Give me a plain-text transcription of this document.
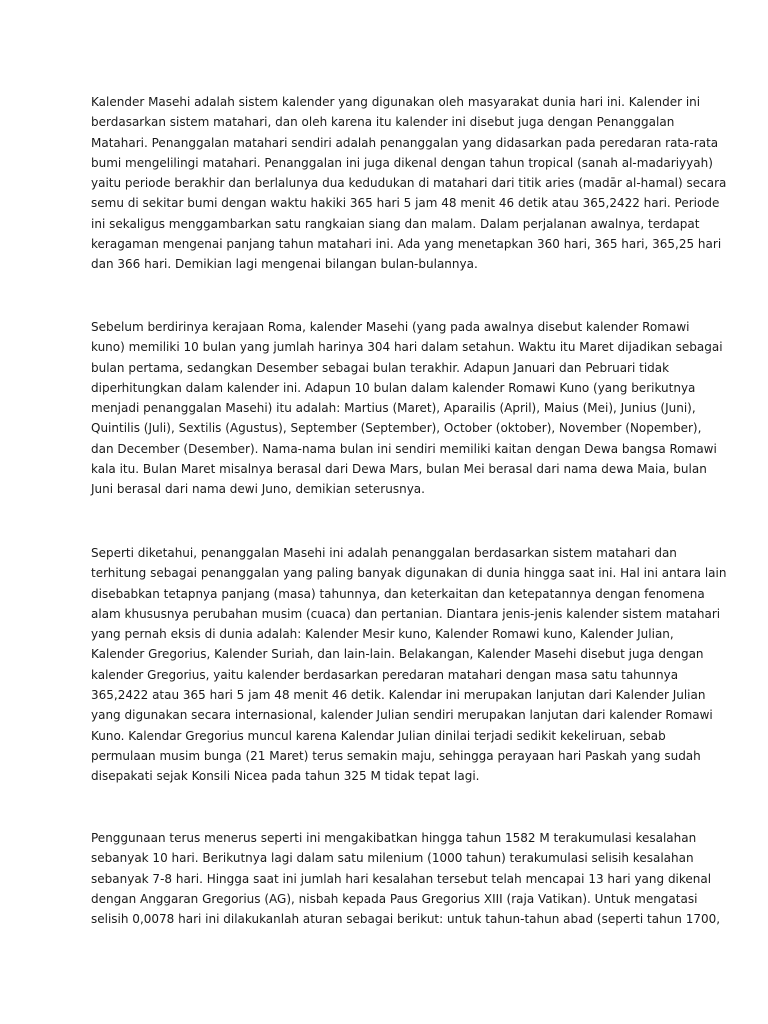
Kalender Masehi adalah sistem kalender yang digunakan oleh masyarakat dunia hari ini. Kalender ini
berdasarkan sistem matahari, dan oleh karena itu kalender ini disebut juga dengan Penanggalan
Matahari. Penanggalan matahari sendiri adalah penanggalan yang didasarkan pada peredaran rata-rata
bumi mengelilingi matahari. Penanggalan ini juga dikenal dengan tahun tropical (sanah al-madariyyah)
yaitu periode berakhir dan berlalunya dua kedudukan di matahari dari titik aries (madār al-hamal) secara
semu di sekitar bumi dengan waktu hakiki 365 hari 5 jam 48 menit 46 detik atau 365,2422 hari. Periode
ini sekaligus menggambarkan satu rangkaian siang dan malam. Dalam perjalanan awalnya, terdapat
keragaman mengenai panjang tahun matahari ini. Ada yang menetapkan 360 hari, 365 hari, 365,25 hari
dan 366 hari. Demikian lagi mengenai bilangan bulan-bulannya.
Sebelum berdirinya kerajaan Roma, kalender Masehi (yang pada awalnya disebut kalender Romawi
kuno) memiliki 10 bulan yang jumlah harinya 304 hari dalam setahun. Waktu itu Maret dijadikan sebagai
bulan pertama, sedangkan Desember sebagai bulan terakhir. Adapun Januari dan Pebruari tidak
diperhitungkan dalam kalender ini. Adapun 10 bulan dalam kalender Romawi Kuno (yang berikutnya
menjadi penanggalan Masehi) itu adalah: Martius (Maret), Aparailis (April), Maius (Mei), Junius (Juni),
Quintilis (Juli), Sextilis (Agustus), September (September), October (oktober), November (Nopember),
dan December (Desember). Nama-nama bulan ini sendiri memiliki kaitan dengan Dewa bangsa Romawi
kala itu. Bulan Maret misalnya berasal dari Dewa Mars, bulan Mei berasal dari nama dewa Maia, bulan
Juni berasal dari nama dewi Juno, demikian seterusnya.
Seperti diketahui, penanggalan Masehi ini adalah penanggalan berdasarkan sistem matahari dan
terhitung sebagai penanggalan yang paling banyak digunakan di dunia hingga saat ini. Hal ini antara lain
disebabkan tetapnya panjang (masa) tahunnya, dan keterkaitan dan ketepatannya dengan fenomena
alam khususnya perubahan musim (cuaca) dan pertanian. Diantara jenis-jenis kalender sistem matahari
yang pernah eksis di dunia adalah: Kalender Mesir kuno, Kalender Romawi kuno, Kalender Julian,
Kalender Gregorius, Kalender Suriah, dan lain-lain. Belakangan, Kalender Masehi disebut juga dengan
kalender Gregorius, yaitu kalender berdasarkan peredaran matahari dengan masa satu tahunnya
365,2422 atau 365 hari 5 jam 48 menit 46 detik. Kalendar ini merupakan lanjutan dari Kalender Julian
yang digunakan secara internasional, kalender Julian sendiri merupakan lanjutan dari kalender Romawi
Kuno. Kalendar Gregorius muncul karena Kalendar Julian dinilai terjadi sedikit kekeliruan, sebab
permulaan musim bunga (21 Maret) terus semakin maju, sehingga perayaan hari Paskah yang sudah
disepakati sejak Konsili Nicea pada tahun 325 M tidak tepat lagi.
Penggunaan terus menerus seperti ini mengakibatkan hingga tahun 1582 M terakumulasi kesalahan
sebanyak 10 hari. Berikutnya lagi dalam satu milenium (1000 tahun) terakumulasi selisih kesalahan
sebanyak 7-8 hari. Hingga saat ini jumlah hari kesalahan tersebut telah mencapai 13 hari yang dikenal
dengan Anggaran Gregorius (AG), nisbah kepada Paus Gregorius XIII (raja Vatikan). Untuk mengatasi
selisih 0,0078 hari ini dilakukanlah aturan sebagai berikut: untuk tahun-tahun abad (seperti tahun 1700,
